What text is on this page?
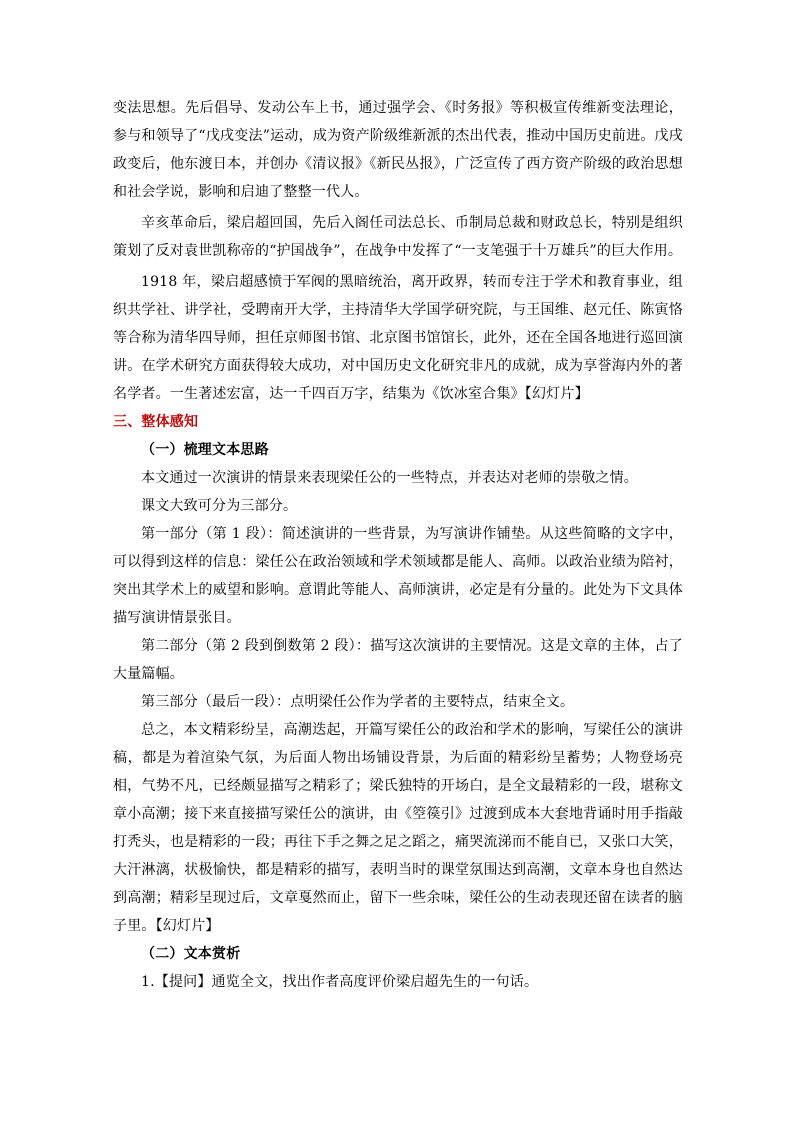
变法思想。先后倡导、发动公车上书，通过强学会、《时务报》等积极宣传维新变法理论，参与和领导了“戊戌变法”运动，成为资产阶级维新派的杰出代表，推动中国历史前进。戊戌政变后，他东渡日本，并创办《清议报》《新民丛报》，广泛宣传了西方资产阶级的政治思想和社会学说，影响和启迪了整整一代人。

辛亥革命后，梁启超回国，先后入阁任司法总长、币制局总裁和财政总长，特别是组织策划了反对袁世凯称帝的“护国战争”，在战争中发挥了“一支笔强于十万雄兵”的巨大作用。

1918 年，梁启超感愤于军阀的黑暗统治，离开政界，转而专注于学术和教育事业，组织共学社、讲学社，受聘南开大学，主持清华大学国学研究院，与王国维、赵元任、陈寅恪等合称为清华四导师，担任京师图书馆、北京图书馆馆长，此外，还在全国各地进行巡回演讲。在学术研究方面获得较大成功，对中国历史文化研究非凡的成就，成为享誉海内外的著名学者。一生著述宏富，达一千四百万字，结集为《饮冰室合集》【幻灯片】

三、整体感知

（一）梳理文本思路

本文通过一次演讲的情景来表现梁任公的一些特点，并表达对老师的崇敬之情。

课文大致可分为三部分。

第一部分（第 1 段）：简述演讲的一些背景，为写演讲作铺垫。从这些简略的文字中，可以得到这样的信息：梁任公在政治领域和学术领域都是能人、高师。以政治业绩为陪衬，突出其学术上的威望和影响。意谓此等能人、高师演讲，必定是有分量的。此处为下文具体描写演讲情景张目。

第二部分（第 2 段到倒数第 2 段）：描写这次演讲的主要情况。这是文章的主体，占了大量篇幅。

第三部分（最后一段）：点明梁任公作为学者的主要特点，结束全文。

总之，本文精彩纷呈，高潮迭起，开篇写梁任公的政治和学术的影响，写梁任公的演讲稿，都是为着渲染气氛，为后面人物出场铺设背景，为后面的精彩纷呈蓄势；人物登场亮相，气势不凡，已经颇显描写之精彩了；梁氏独特的开场白，是全文最精彩的一段，堪称文章小高潮；接下来直接描写梁任公的演讲，由《箜篌引》过渡到成本大套地背诵时用手指敲打秃头，也是精彩的一段；再往下手之舞之足之蹈之，痛哭流涕而不能自已，又张口大笑，大汗淋漓，状极愉快，都是精彩的描写，表明当时的课堂氛围达到高潮，文章本身也自然达到高潮；精彩呈现过后，文章戛然而止，留下一些余味，梁任公的生动表现还留在读者的脑子里。【幻灯片】

（二）文本赏析

1.【提问】通览全文，找出作者高度评价梁启超先生的一句话。
